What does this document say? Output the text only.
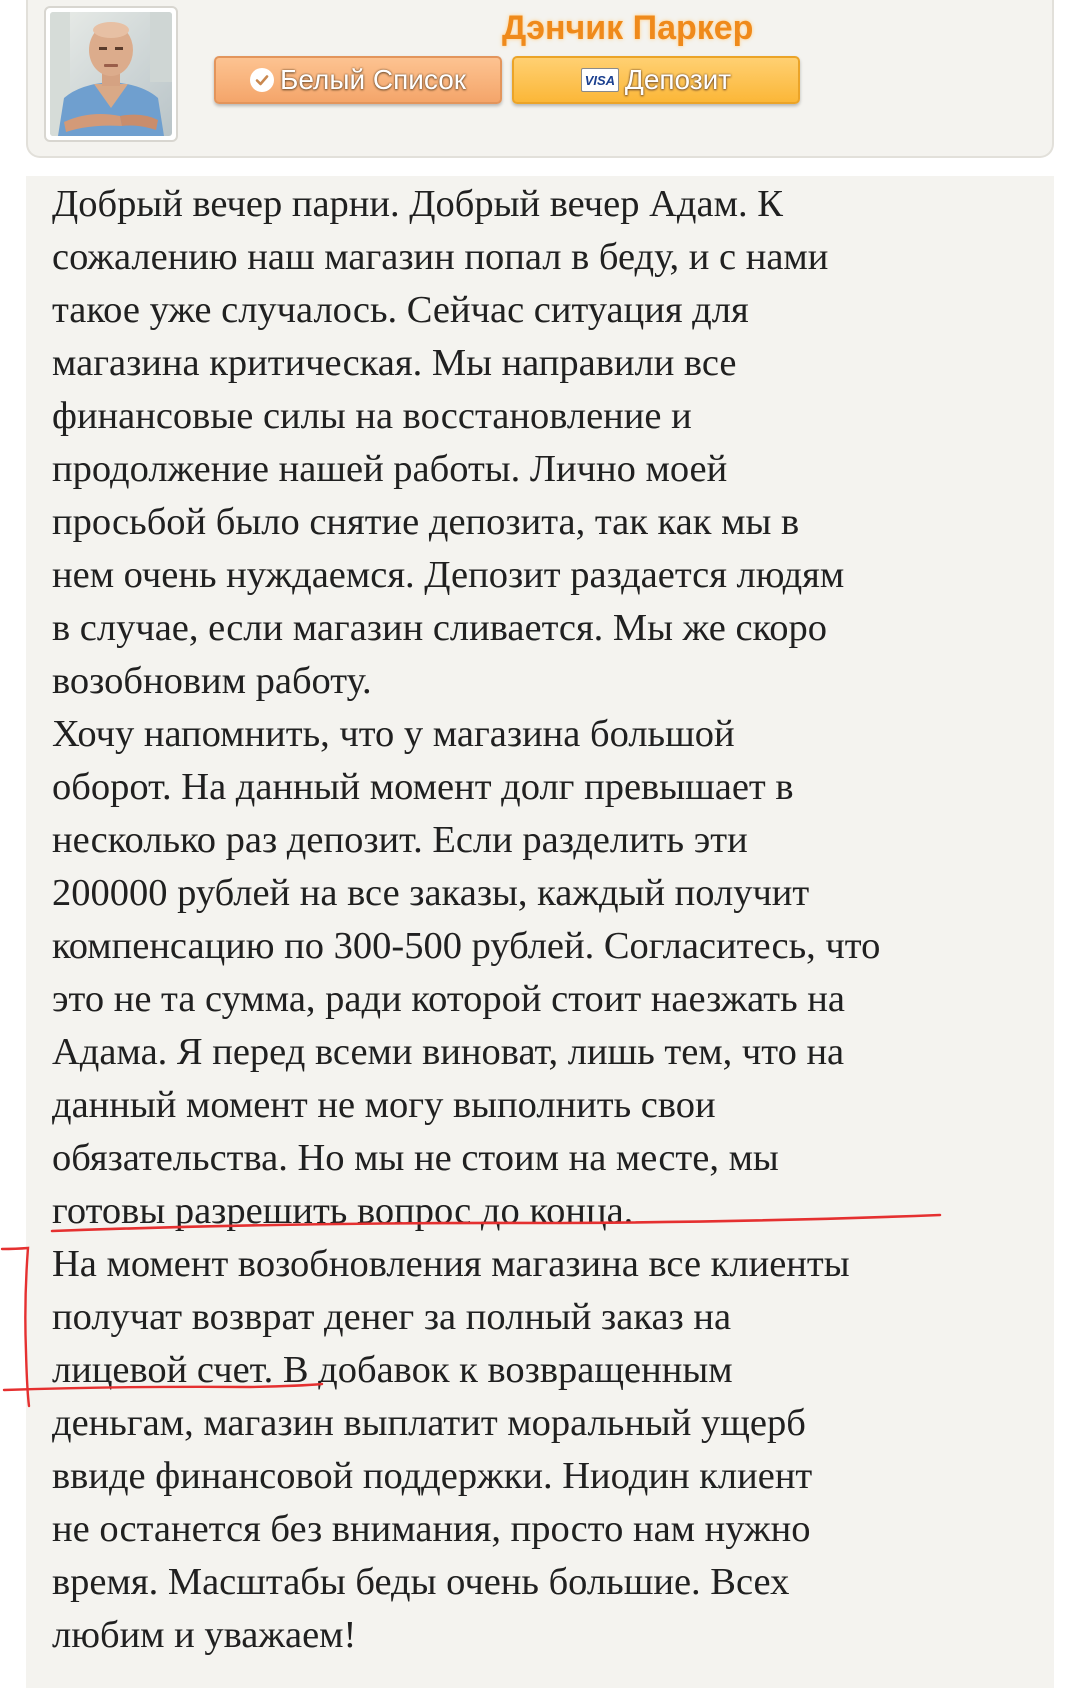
Дэнчик Паркер
Белый Список	VISA Депозит

Добрый вечер парни. Добрый вечер Адам. К

сожалению наш магазин попал в беду, и с нами

такое уже случалось. Сейчас ситуация для

магазина критическая. Мы направили все

финансовые силы на восстановление и

продолжение нашей работы. Лично моей

просьбой было снятие депозита, так как мы в

нем очень нуждаемся. Депозит раздается людям

в случае, если магазин сливается. Мы же скоро

возобновим работу.

Хочу напомнить, что у магазина большой

оборот. На данный момент долг превышает в

несколько раз депозит. Если разделить эти

200000 рублей на все заказы, каждый получит

компенсацию по 300-500 рублей. Согласитесь, что

это не та сумма, ради которой стоит наезжать на

Адама. Я перед всеми виноват, лишь тем, что на

данный момент не могу выполнить свои

обязательства. Но мы не стоим на месте, мы

готовы разрешить вопрос до конца.

На момент возобновления магазина все клиенты

получат возврат денег за полный заказ на

лицевой счет. В добавок к возвращенным

деньгам, магазин выплатит моральный ущерб

ввиде финансовой поддержки. Ниодин клиент

не останется без внимания, просто нам нужно

время. Масштабы беды очень большие. Всех

любим и уважаем!
